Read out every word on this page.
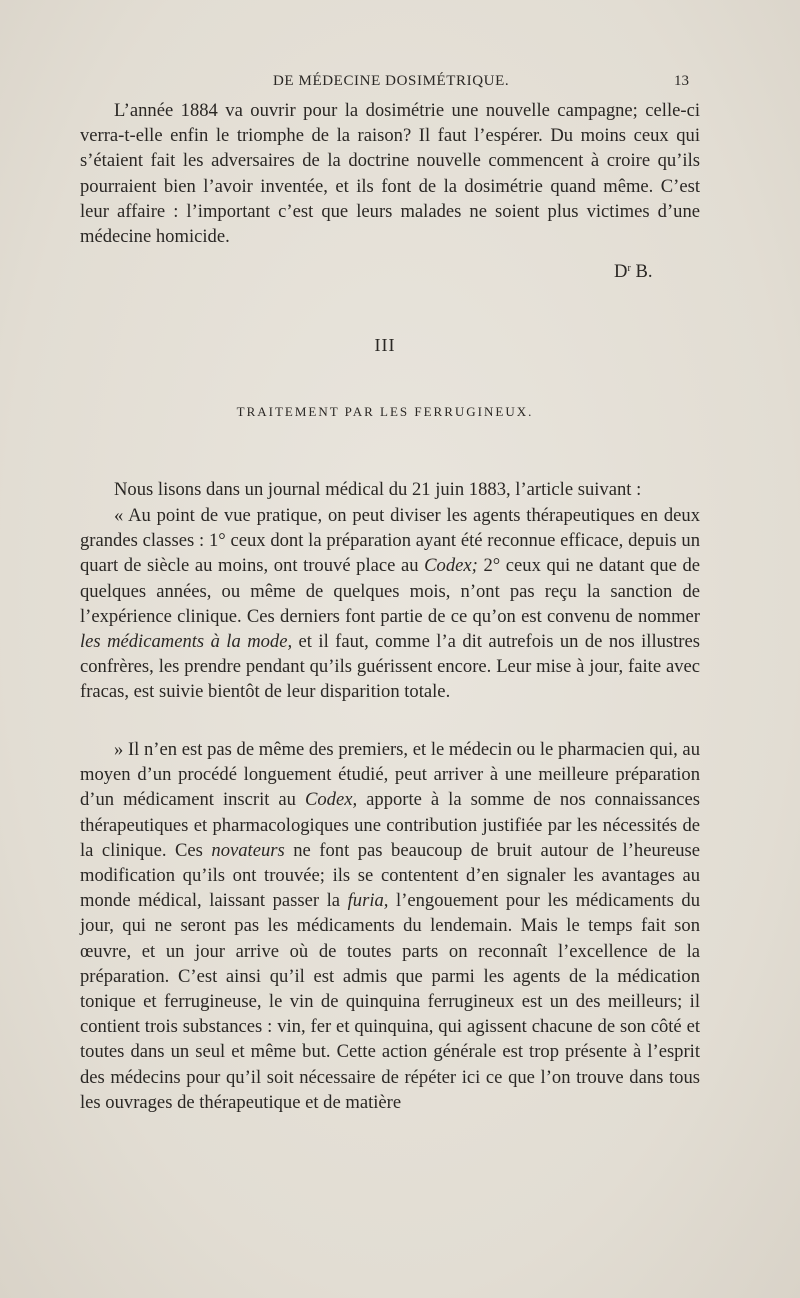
DE MÉDECINE DOSIMÉTRIQUE.	13

L’année 1884 va ouvrir pour la dosimétrie une nouvelle campagne; celle-ci verra-t-elle enfin le triomphe de la raison? Il faut l’espérer. Du moins ceux qui s’étaient fait les adversaires de la doctrine nouvelle commencent à croire qu’ils pourraient bien l’avoir inventée, et ils font de la dosimétrie quand même. C’est leur affaire : l’important c’est que leurs malades ne soient plus victimes d’une médecine homicide.

$D^r$ B.
III
TRAITEMENT PAR LES FERRUGINEUX.

Nous lisons dans un journal médical du 21 juin 1883, l’article suivant :

« Au point de vue pratique, on peut diviser les agents thérapeutiques en deux grandes classes : 1° ceux dont la préparation ayant été reconnue efficace, depuis un quart de siècle au moins, ont trouvé place au Codex; 2° ceux qui ne datant que de quelques années, ou même de quelques mois, n’ont pas reçu la sanction de l’expérience clinique. Ces derniers font partie de ce qu’on est convenu de nommer les médicaments à la mode, et il faut, comme l’a dit autrefois un de nos illustres confrères, les prendre pendant qu’ils guérissent encore. Leur mise à jour, faite avec fracas, est suivie bientôt de leur disparition totale.

» Il n’en est pas de même des premiers, et le médecin ou le pharmacien qui, au moyen d’un procédé longuement étudié, peut arriver à une meilleure préparation d’un médicament inscrit au Codex, apporte à la somme de nos connaissances thérapeutiques et pharmacologiques une contribution justifiée par les nécessités de la clinique. Ces novateurs ne font pas beaucoup de bruit autour de l’heureuse modification qu’ils ont trouvée; ils se contentent d’en signaler les avantages au monde médical, laissant passer la furia, l’engouement pour les médicaments du jour, qui ne seront pas les médicaments du lendemain. Mais le temps fait son œuvre, et un jour arrive où de toutes parts on reconnaît l’excellence de la préparation. C’est ainsi qu’il est admis que parmi les agents de la médication tonique et ferrugineuse, le vin de quinquina ferrugineux est un des meilleurs; il contient trois substances : vin, fer et quinquina, qui agissent chacune de son côté et toutes dans un seul et même but. Cette action générale est trop présente à l’esprit des médecins pour qu’il soit nécessaire de répéter ici ce que l’on trouve dans tous les ouvrages de thérapeutique et de matière
